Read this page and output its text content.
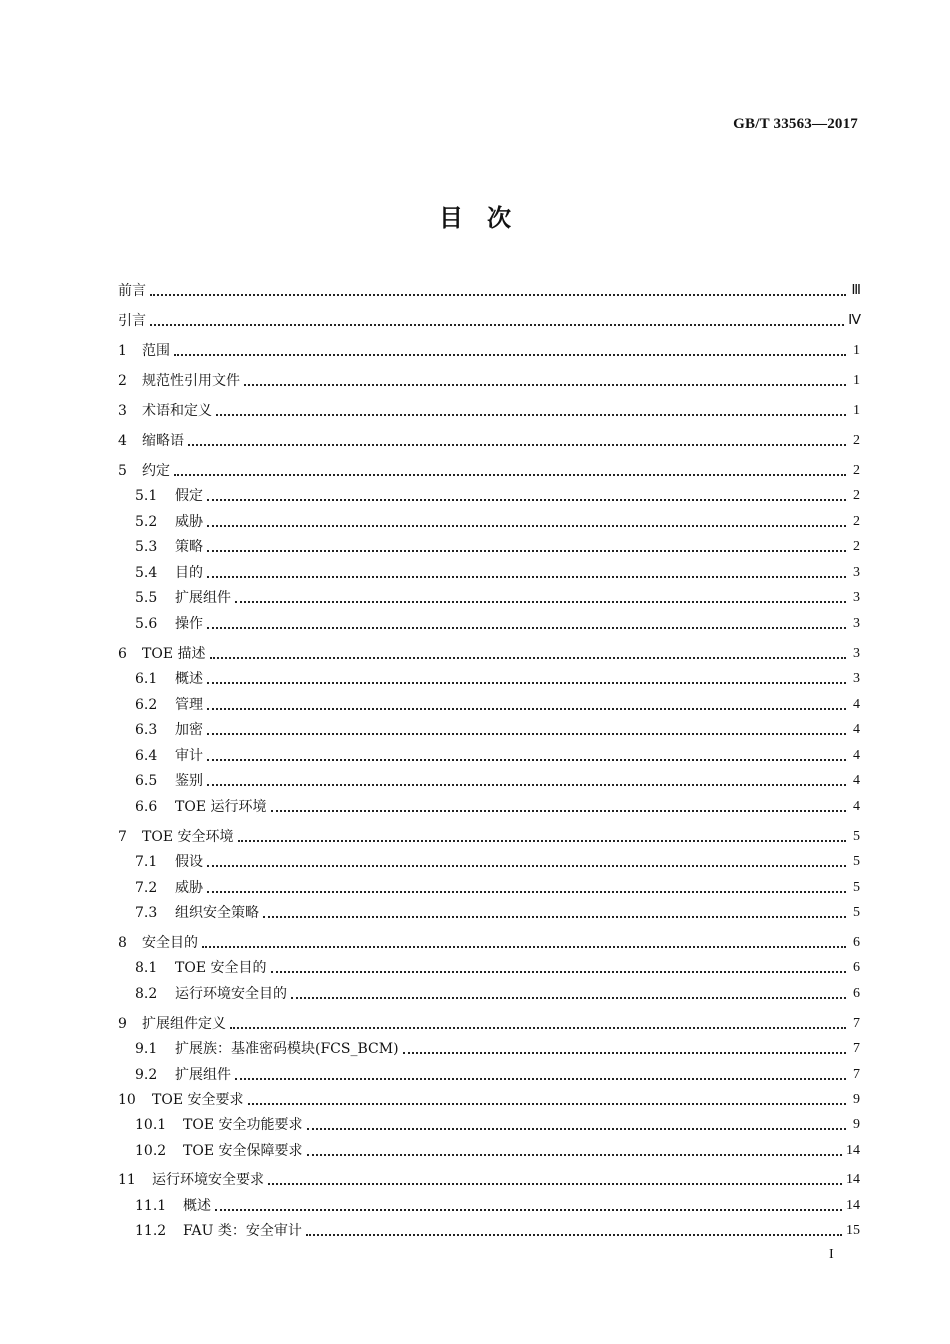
GB/T 33563—2017
目　次
前言	Ⅲ
引言	Ⅳ
1	范围	1
2	规范性引用文件	1
3	术语和定义	1
4	缩略语	2
5	约定	2
5.1	假定	2
5.2	威胁	2
5.3	策略	2
5.4	目的	3
5.5	扩展组件	3
5.6	操作	3
6	TOE 描述	3
6.1	概述	3
6.2	管理	4
6.3	加密	4
6.4	审计	4
6.5	鉴别	4
6.6	TOE 运行环境	4
7	TOE 安全环境	5
7.1	假设	5
7.2	威胁	5
7.3	组织安全策略	5
8	安全目的	6
8.1	TOE 安全目的	6
8.2	运行环境安全目的	6
9	扩展组件定义	7
9.1	扩展族：基准密码模块(FCS_BCM)	7
9.2	扩展组件	7
10	TOE 安全要求	9
10.1	TOE 安全功能要求	9
10.2	TOE 安全保障要求	14
11	运行环境安全要求	14
11.1	概述	14
11.2	FAU 类：安全审计	15
I
